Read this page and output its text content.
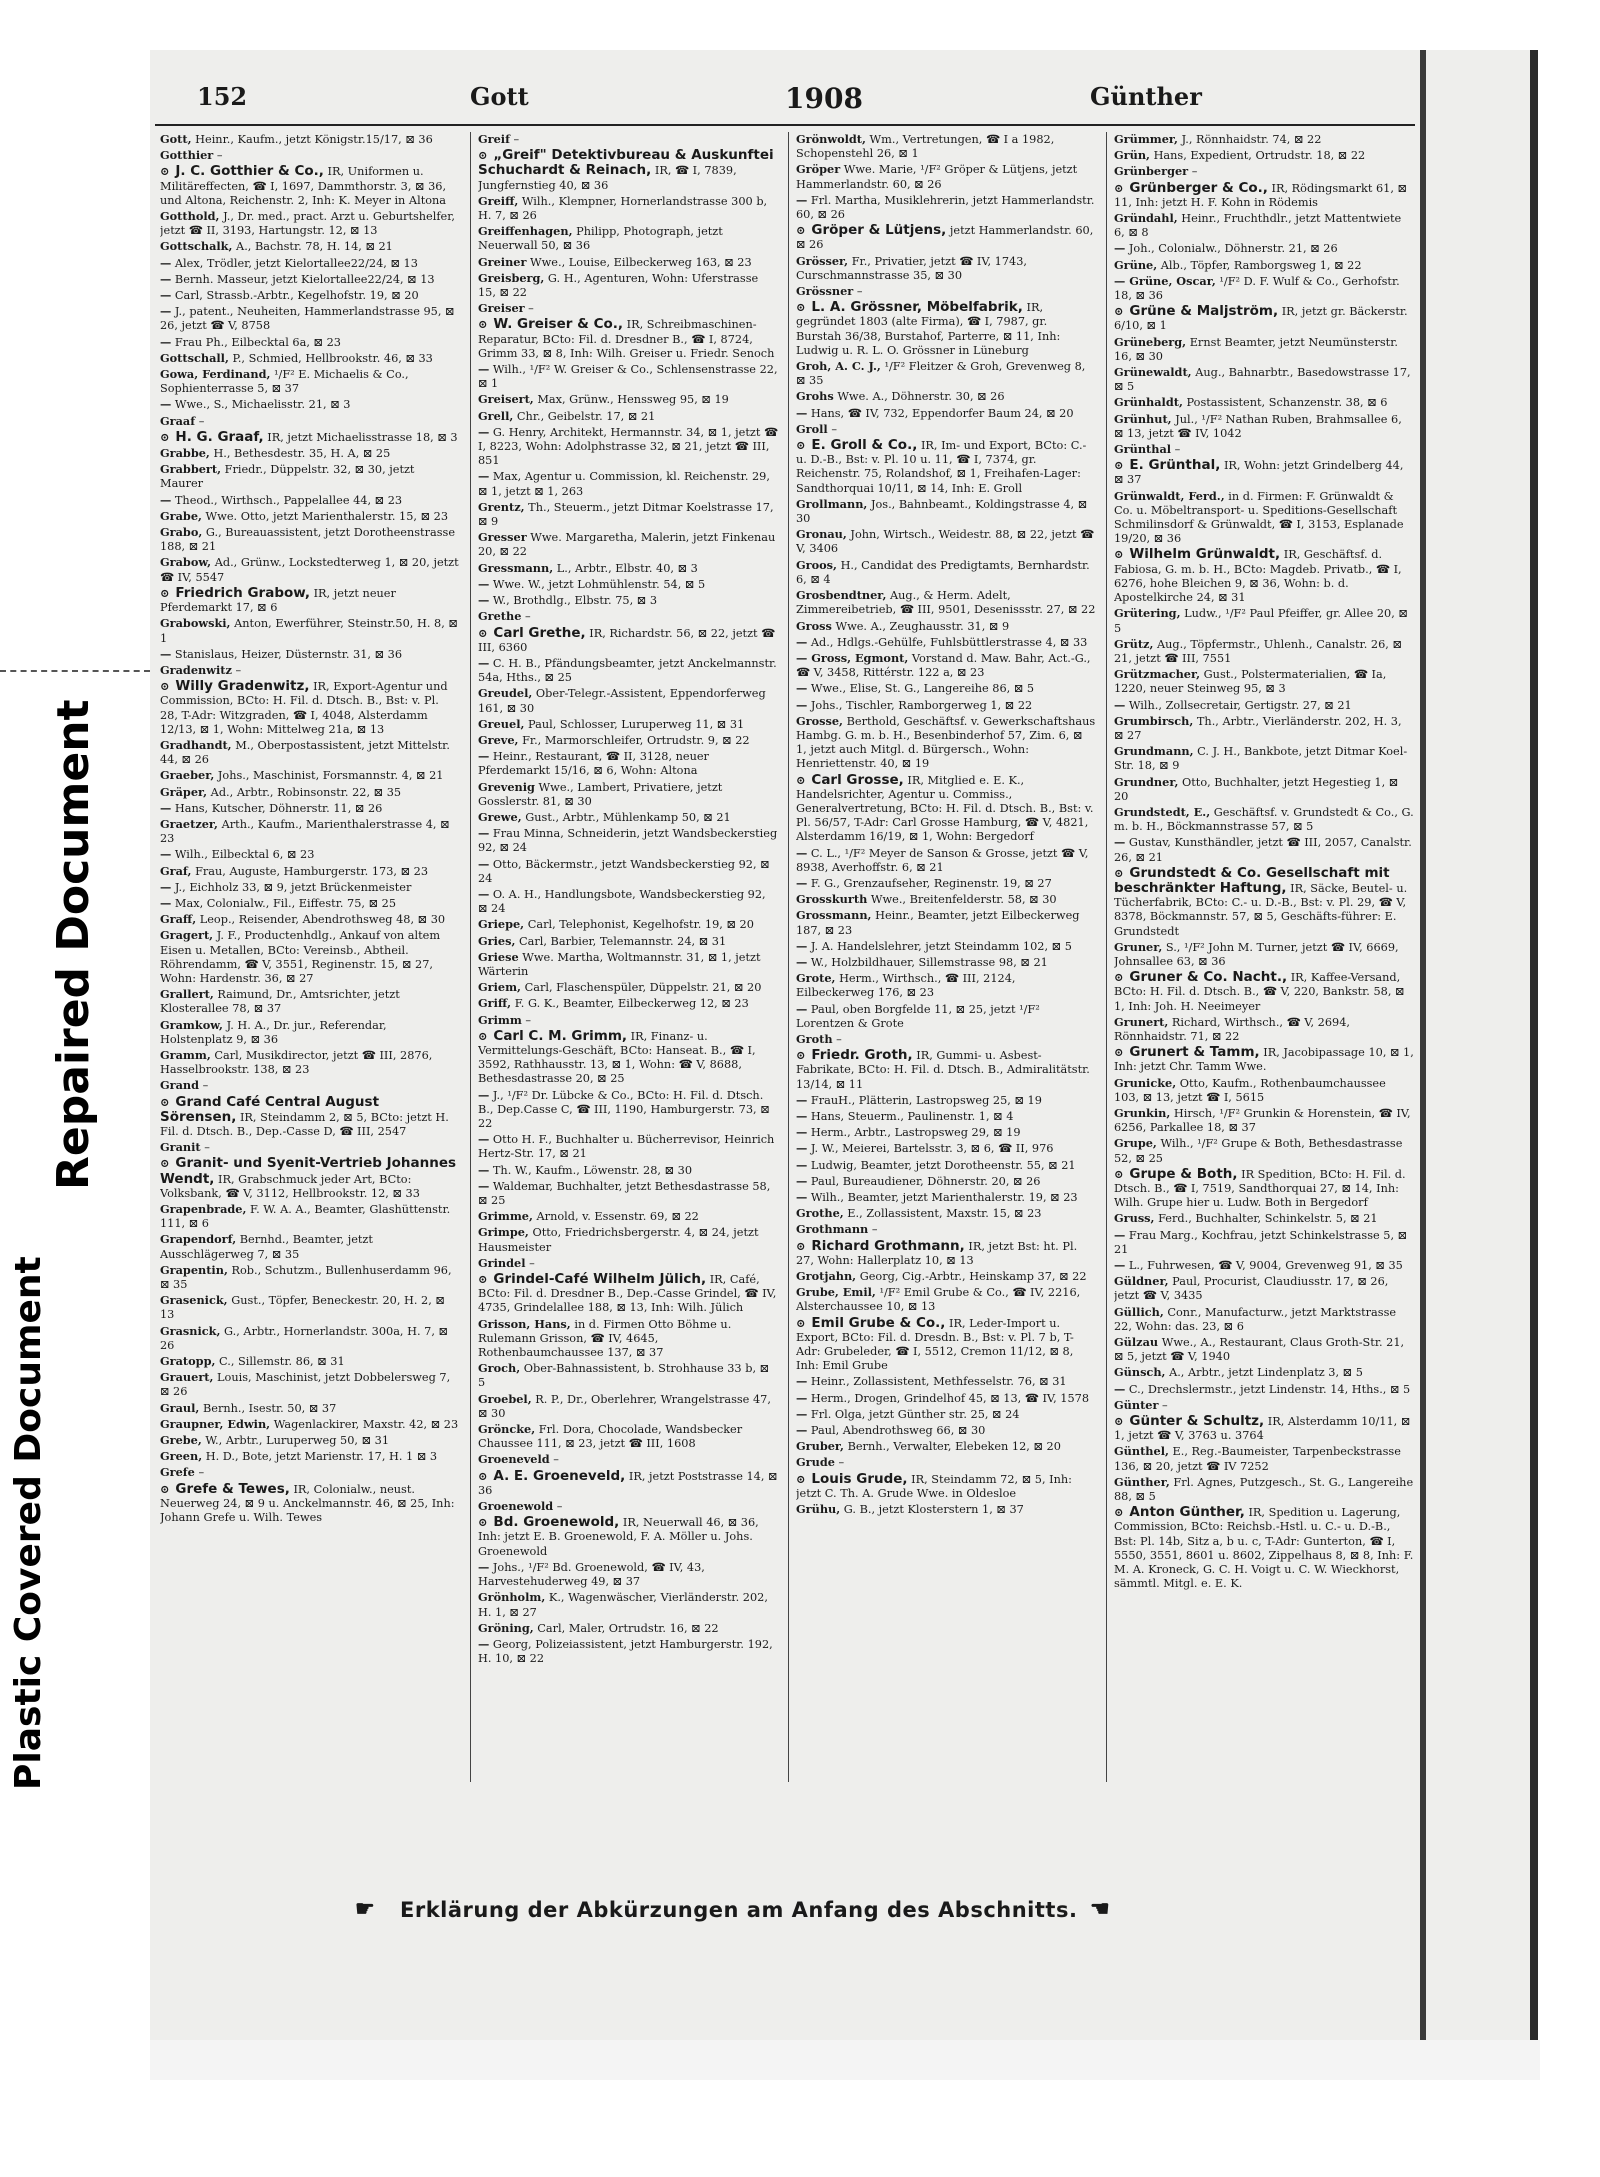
Repaired Document
Plastic Covered Document
152	Gott	1908	Günther
Gott, Heinr., Kaufm., jetzt Königstr.15/17, ⊠ 36
Gotthier –
⊙ J. C. Gotthier & Co., IR, Uniformen u. Militäreffecten, ☎ I, 1697, Dammthorstr. 3, ⊠ 36, und Altona, Reichenstr. 2, Inh: K. Meyer in Altona
Gotthold, J., Dr. med., pract. Arzt u. Geburtshelfer, jetzt ☎ II, 3193, Hartungstr. 12, ⊠ 13
Gottschalk, A., Bachstr. 78, H. 14, ⊠ 21
— Alex, Trödler, jetzt Kielortallee22/24, ⊠ 13
— Bernh. Masseur, jetzt Kielortallee22/24, ⊠ 13
— Carl, Strassb.-Arbtr., Kegelhofstr. 19, ⊠ 20
— J., patent., Neuheiten, Hammerlandstrasse 95, ⊠ 26, jetzt ☎ V, 8758
— Frau Ph., Eilbecktal 6a, ⊠ 23
Gottschall, P., Schmied, Hellbrookstr. 46, ⊠ 33
Gowa, Ferdinand, ¹/F² E. Michaelis & Co., Sophienterrasse 5, ⊠ 37
— Wwe., S., Michaelisstr. 21, ⊠ 3
Graaf –
⊙ H. G. Graaf, IR, jetzt Michaelisstrasse 18, ⊠ 3
Grabbe, H., Bethesdestr. 35, H. A, ⊠ 25
Grabbert, Friedr., Düppelstr. 32, ⊠ 30, jetzt Maurer
— Theod., Wirthsch., Pappelallee 44, ⊠ 23
Grabe, Wwe. Otto, jetzt Marienthalerstr. 15, ⊠ 23
Grabo, G., Bureauassistent, jetzt Dorotheenstrasse 188, ⊠ 21
Grabow, Ad., Grünw., Lockstedterweg 1, ⊠ 20, jetzt ☎ IV, 5547
⊙ Friedrich Grabow, IR, jetzt neuer Pferdemarkt 17, ⊠ 6
Grabowski, Anton, Ewerführer, Steinstr.50, H. 8, ⊠ 1
— Stanislaus, Heizer, Düsternstr. 31, ⊠ 36
Gradenwitz –
⊙ Willy Gradenwitz, IR, Export-Agentur und Commission, BCto: H. Fil. d. Dtsch. B., Bst: v. Pl. 28, T-Adr: Witzgraden, ☎ I, 4048, Alsterdamm 12/13, ⊠ 1, Wohn: Mittelweg 21a, ⊠ 13
Gradhandt, M., Oberpostassistent, jetzt Mittelstr. 44, ⊠ 26
Graeber, Johs., Maschinist, Forsmannstr. 4, ⊠ 21
Gräper, Ad., Arbtr., Robinsonstr. 22, ⊠ 35
— Hans, Kutscher, Döhnerstr. 11, ⊠ 26
Graetzer, Arth., Kaufm., Marienthalerstrasse 4, ⊠ 23
— Wilh., Eilbecktal 6, ⊠ 23
Graf, Frau, Auguste, Hamburgerstr. 173, ⊠ 23
— J., Eichholz 33, ⊠ 9, jetzt Brückenmeister
— Max, Colonialw., Fil., Eiffestr. 75, ⊠ 25
Graff, Leop., Reisender, Abendrothsweg 48, ⊠ 30
Gragert, J. F., Productenhdlg., Ankauf von altem Eisen u. Metallen, BCto: Vereinsb., Abtheil. Röhrendamm, ☎ V, 3551, Reginenstr. 15, ⊠ 27, Wohn: Hardenstr. 36, ⊠ 27
Grallert, Raimund, Dr., Amtsrichter, jetzt Klosterallee 78, ⊠ 37
Gramkow, J. H. A., Dr. jur., Referendar, Holstenplatz 9, ⊠ 36
Gramm, Carl, Musikdirector, jetzt ☎ III, 2876, Hasselbrookstr. 138, ⊠ 23
Grand –
⊙ Grand Café Central August Sörensen, IR, Steindamm 2, ⊠ 5, BCto: jetzt H. Fil. d. Dtsch. B., Dep.-Casse D, ☎ III, 2547
Granit –
⊙ Granit- und Syenit-Vertrieb Johannes Wendt, IR, Grabschmuck jeder Art, BCto: Volksbank, ☎ V, 3112, Hellbrookstr. 12, ⊠ 33
Grapenbrade, F. W. A. A., Beamter, Glashüttenstr. 111, ⊠ 6
Grapendorf, Bernhd., Beamter, jetzt Ausschlägerweg 7, ⊠ 35
Grapentin, Rob., Schutzm., Bullenhuserdamm 96, ⊠ 35
Grasenick, Gust., Töpfer, Beneckestr. 20, H. 2, ⊠ 13
Grasnick, G., Arbtr., Hornerlandstr. 300a, H. 7, ⊠ 26
Gratopp, C., Sillemstr. 86, ⊠ 31
Grauert, Louis, Maschinist, jetzt Dobbelersweg 7, ⊠ 26
Graul, Bernh., Isestr. 50, ⊠ 37
Graupner, Edwin, Wagenlackirer, Maxstr. 42, ⊠ 23
Grebe, W., Arbtr., Luruperweg 50, ⊠ 31
Green, H. D., Bote, jetzt Marienstr. 17, H. 1 ⊠ 3
Grefe –
⊙ Grefe & Tewes, IR, Colonialw., neust. Neuerweg 24, ⊠ 9 u. Anckelmannstr. 46, ⊠ 25, Inh: Johann Grefe u. Wilh. Tewes
Greif –
⊙ „Greif" Detektivbureau & Auskunftei Schuchardt & Reinach, IR, ☎ I, 7839, Jungfernstieg 40, ⊠ 36
Greiff, Wilh., Klempner, Hornerlandstrasse 300 b, H. 7, ⊠ 26
Greiffenhagen, Philipp, Photograph, jetzt Neuerwall 50, ⊠ 36
Greiner Wwe., Louise, Eilbeckerweg 163, ⊠ 23
Greisberg, G. H., Agenturen, Wohn: Uferstrasse 15, ⊠ 22
Greiser –
⊙ W. Greiser & Co., IR, Schreibmaschinen-Reparatur, BCto: Fil. d. Dresdner B., ☎ I, 8724, Grimm 33, ⊠ 8, Inh: Wilh. Greiser u. Friedr. Senoch
— Wilh., ¹/F² W. Greiser & Co., Schlensenstrasse 22, ⊠ 1
Greisert, Max, Grünw., Henssweg 95, ⊠ 19
Grell, Chr., Geibelstr. 17, ⊠ 21
— G. Henry, Architekt, Hermannstr. 34, ⊠ 1, jetzt ☎ I, 8223, Wohn: Adolphstrasse 32, ⊠ 21, jetzt ☎ III, 851
— Max, Agentur u. Commission, kl. Reichenstr. 29, ⊠ 1, jetzt ⊠ 1, 263
Grentz, Th., Steuerm., jetzt Ditmar Koelstrasse 17, ⊠ 9
Gresser Wwe. Margaretha, Malerin, jetzt Finkenau 20, ⊠ 22
Gressmann, L., Arbtr., Elbstr. 40, ⊠ 3
— Wwe. W., jetzt Lohmühlenstr. 54, ⊠ 5
— W., Brothdlg., Elbstr. 75, ⊠ 3
Grethe –
⊙ Carl Grethe, IR, Richardstr. 56, ⊠ 22, jetzt ☎ III, 6360
— C. H. B., Pfändungsbeamter, jetzt Anckelmannstr. 54a, Hths., ⊠ 25
Greudel, Ober-Telegr.-Assistent, Eppendorferweg 161, ⊠ 30
Greuel, Paul, Schlosser, Luruperweg 11, ⊠ 31
Greve, Fr., Marmorschleifer, Ortrudstr. 9, ⊠ 22
— Heinr., Restaurant, ☎ II, 3128, neuer Pferdemarkt 15/16, ⊠ 6, Wohn: Altona
Grevenig Wwe., Lambert, Privatiere, jetzt Gosslerstr. 81, ⊠ 30
Grewe, Gust., Arbtr., Mühlenkamp 50, ⊠ 21
— Frau Minna, Schneiderin, jetzt Wandsbeckerstieg 92, ⊠ 24
— Otto, Bäckermstr., jetzt Wandsbeckerstieg 92, ⊠ 24
— O. A. H., Handlungsbote, Wandsbeckerstieg 92, ⊠ 24
Griepe, Carl, Telephonist, Kegelhofstr. 19, ⊠ 20
Gries, Carl, Barbier, Telemannstr. 24, ⊠ 31
Griese Wwe. Martha, Woltmannstr. 31, ⊠ 1, jetzt Wärterin
Griem, Carl, Flaschenspüler, Düppelstr. 21, ⊠ 20
Griff, F. G. K., Beamter, Eilbeckerweg 12, ⊠ 23
Grimm –
⊙ Carl C. M. Grimm, IR, Finanz- u. Vermittelungs-Geschäft, BCto: Hanseat. B., ☎ I, 3592, Rathhausstr. 13, ⊠ 1, Wohn: ☎ V, 8688, Bethesdastrasse 20, ⊠ 25
— J., ¹/F² Dr. Lübcke & Co., BCto: H. Fil. d. Dtsch. B., Dep.Casse C, ☎ III, 1190, Hamburgerstr. 73, ⊠ 22
— Otto H. F., Buchhalter u. Bücherrevisor, Heinrich Hertz-Str. 17, ⊠ 21
— Th. W., Kaufm., Löwenstr. 28, ⊠ 30
— Waldemar, Buchhalter, jetzt Bethesdastrasse 58, ⊠ 25
Grimme, Arnold, v. Essenstr. 69, ⊠ 22
Grimpe, Otto, Friedrichsbergerstr. 4, ⊠ 24, jetzt Hausmeister
Grindel –
⊙ Grindel-Café Wilhelm Jülich, IR, Café, BCto: Fil. d. Dresdner B., Dep.-Casse Grindel, ☎ IV, 4735, Grindelallee 188, ⊠ 13, Inh: Wilh. Jülich
Grisson, Hans, in d. Firmen Otto Böhme u. Rulemann Grisson, ☎ IV, 4645, Rothenbaumchaussee 137, ⊠ 37
Groch, Ober-Bahnassistent, b. Strohhause 33 b, ⊠ 5
Groebel, R. P., Dr., Oberlehrer, Wrangelstrasse 47, ⊠ 30
Gröncke, Frl. Dora, Chocolade, Wandsbecker Chaussee 111, ⊠ 23, jetzt ☎ III, 1608
Groeneveld –
⊙ A. E. Groeneveld, IR, jetzt Poststrasse 14, ⊠ 36
Groenewold –
⊙ Bd. Groenewold, IR, Neuerwall 46, ⊠ 36, Inh: jetzt E. B. Groenewold, F. A. Möller u. Johs. Groenewold
— Johs., ¹/F² Bd. Groenewold, ☎ IV, 43, Harvestehuderweg 49, ⊠ 37
Grönholm, K., Wagenwäscher, Vierländerstr. 202, H. 1, ⊠ 27
Gröning, Carl, Maler, Ortrudstr. 16, ⊠ 22
— Georg, Polizeiassistent, jetzt Hamburgerstr. 192, H. 10, ⊠ 22
Grönwoldt, Wm., Vertretungen, ☎ I a 1982, Schopenstehl 26, ⊠ 1
Gröper Wwe. Marie, ¹/F² Gröper & Lütjens, jetzt Hammerlandstr. 60, ⊠ 26
— Frl. Martha, Musiklehrerin, jetzt Hammerlandstr. 60, ⊠ 26
⊙ Gröper & Lütjens, jetzt Hammerlandstr. 60, ⊠ 26
Grösser, Fr., Privatier, jetzt ☎ IV, 1743, Curschmannstrasse 35, ⊠ 30
Grössner –
⊙ L. A. Grössner, Möbelfabrik, IR, gegründet 1803 (alte Firma), ☎ I, 7987, gr. Burstah 36/38, Burstahof, Parterre, ⊠ 11, Inh: Ludwig u. R. L. O. Grössner in Lüneburg
Groh, A. C. J., ¹/F² Fleitzer & Groh, Grevenweg 8, ⊠ 35
Grohs Wwe. A., Döhnerstr. 30, ⊠ 26
— Hans, ☎ IV, 732, Eppendorfer Baum 24, ⊠ 20
Groll –
⊙ E. Groll & Co., IR, Im- und Export, BCto: C.- u. D.-B., Bst: v. Pl. 10 u. 11, ☎ I, 7374, gr. Reichenstr. 75, Rolandshof, ⊠ 1, Freihafen-Lager: Sandthorquai 10/11, ⊠ 14, Inh: E. Groll
Grollmann, Jos., Bahnbeamt., Koldingstrasse 4, ⊠ 30
Gronau, John, Wirtsch., Weidestr. 88, ⊠ 22, jetzt ☎ V, 3406
Groos, H., Candidat des Predigtamts, Bernhardstr. 6, ⊠ 4
Grosbendtner, Aug., & Herm. Adelt, Zimmereibetrieb, ☎ III, 9501, Desenissstr. 27, ⊠ 22
Gross Wwe. A., Zeughausstr. 31, ⊠ 9
— Ad., Hdlgs.-Gehülfe, Fuhlsbüttlerstrasse 4, ⊠ 33
— Gross, Egmont, Vorstand d. Maw. Bahr, Act.-G., ☎ V, 3458, Rittérstr. 122 a, ⊠ 23
— Wwe., Elise, St. G., Langereihe 86, ⊠ 5
— Johs., Tischler, Ramborgerweg 1, ⊠ 22
Grosse, Berthold, Geschäftsf. v. Gewerkschaftshaus Hambg. G. m. b. H., Besenbinderhof 57, Zim. 6, ⊠ 1, jetzt auch Mitgl. d. Bürgersch., Wohn: Henriettenstr. 40, ⊠ 19
⊙ Carl Grosse, IR, Mitglied e. E. K., Handelsrichter, Agentur u. Commiss., Generalvertretung, BCto: H. Fil. d. Dtsch. B., Bst: v. Pl. 56/57, T-Adr: Carl Grosse Hamburg, ☎ V, 4821, Alsterdamm 16/19, ⊠ 1, Wohn: Bergedorf
— C. L., ¹/F² Meyer de Sanson & Grosse, jetzt ☎ V, 8938, Averhoffstr. 6, ⊠ 21
— F. G., Grenzaufseher, Reginenstr. 19, ⊠ 27
Grosskurth Wwe., Breitenfelderstr. 58, ⊠ 30
Grossmann, Heinr., Beamter, jetzt Eilbeckerweg 187, ⊠ 23
— J. A. Handelslehrer, jetzt Steindamm 102, ⊠ 5
— W., Holzbildhauer, Sillemstrasse 98, ⊠ 21
Grote, Herm., Wirthsch., ☎ III, 2124, Eilbeckerweg 176, ⊠ 23
— Paul, oben Borgfelde 11, ⊠ 25, jetzt ¹/F² Lorentzen & Grote
Groth –
⊙ Friedr. Groth, IR, Gummi- u. Asbest-Fabrikate, BCto: H. Fil. d. Dtsch. B., Admiralitätstr. 13/14, ⊠ 11
— FrauH., Plätterin, Lastropsweg 25, ⊠ 19
— Hans, Steuerm., Paulinenstr. 1, ⊠ 4
— Herm., Arbtr., Lastropsweg 29, ⊠ 19
— J. W., Meierei, Bartelsstr. 3, ⊠ 6, ☎ II, 976
— Ludwig, Beamter, jetzt Dorotheenstr. 55, ⊠ 21
— Paul, Bureaudiener, Döhnerstr. 20, ⊠ 26
— Wilh., Beamter, jetzt Marienthalerstr. 19, ⊠ 23
Grothe, E., Zollassistent, Maxstr. 15, ⊠ 23
Grothmann –
⊙ Richard Grothmann, IR, jetzt Bst: ht. Pl. 27, Wohn: Hallerplatz 10, ⊠ 13
Grotjahn, Georg, Cig.-Arbtr., Heinskamp 37, ⊠ 22
Grube, Emil, ¹/F² Emil Grube & Co., ☎ IV, 2216, Alsterchaussee 10, ⊠ 13
⊙ Emil Grube & Co., IR, Leder-Import u. Export, BCto: Fil. d. Dresdn. B., Bst: v. Pl. 7 b, T-Adr: Grubeleder, ☎ I, 5512, Cremon 11/12, ⊠ 8, Inh: Emil Grube
— Heinr., Zollassistent, Methfesselstr. 76, ⊠ 31
— Herm., Drogen, Grindelhof 45, ⊠ 13, ☎ IV, 1578
— Frl. Olga, jetzt Günther str. 25, ⊠ 24
— Paul, Abendrothsweg 66, ⊠ 30
Gruber, Bernh., Verwalter, Elebeken 12, ⊠ 20
Grude –
⊙ Louis Grude, IR, Steindamm 72, ⊠ 5, Inh: jetzt C. Th. A. Grude Wwe. in Oldesloe
Grühu, G. B., jetzt Klosterstern 1, ⊠ 37
Grümmer, J., Rönnhaidstr. 74, ⊠ 22
Grün, Hans, Expedient, Ortrudstr. 18, ⊠ 22
Grünberger –
⊙ Grünberger & Co., IR, Rödingsmarkt 61, ⊠ 11, Inh: jetzt H. F. Kohn in Rödemis
Gründahl, Heinr., Fruchthdlr., jetzt Mattentwiete 6, ⊠ 8
— Joh., Colonialw., Döhnerstr. 21, ⊠ 26
Grüne, Alb., Töpfer, Ramborgsweg 1, ⊠ 22
— Grüne, Oscar, ¹/F² D. F. Wulf & Co., Gerhofstr. 18, ⊠ 36
⊙ Grüne & Maljström, IR, jetzt gr. Bäckerstr. 6/10, ⊠ 1
Grüneberg, Ernst Beamter, jetzt Neumünsterstr. 16, ⊠ 30
Grünewaldt, Aug., Bahnarbtr., Basedowstrasse 17, ⊠ 5
Grünhaldt, Postassistent, Schanzenstr. 38, ⊠ 6
Grünhut, Jul., ¹/F² Nathan Ruben, Brahmsallee 6, ⊠ 13, jetzt ☎ IV, 1042
Grünthal –
⊙ E. Grünthal, IR, Wohn: jetzt Grindelberg 44, ⊠ 37
Grünwaldt, Ferd., in d. Firmen: F. Grünwaldt & Co. u. Möbeltransport- u. Speditions-Gesellschaft Schmilinsdorf & Grünwaldt, ☎ I, 3153, Esplanade 19/20, ⊠ 36
⊙ Wilhelm Grünwaldt, IR, Geschäftsf. d. Fabiosa, G. m. b. H., BCto: Magdeb. Privatb., ☎ I, 6276, hohe Bleichen 9, ⊠ 36, Wohn: b. d. Apostelkirche 24, ⊠ 31
Grütering, Ludw., ¹/F² Paul Pfeiffer, gr. Allee 20, ⊠ 5
Grütz, Aug., Töpfermstr., Uhlenh., Canalstr. 26, ⊠ 21, jetzt ☎ III, 7551
Grützmacher, Gust., Polstermaterialien, ☎ Ia, 1220, neuer Steinweg 95, ⊠ 3
— Wilh., Zollsecretair, Gertigstr. 27, ⊠ 21
Grumbirsch, Th., Arbtr., Vierländerstr. 202, H. 3, ⊠ 27
Grundmann, C. J. H., Bankbote, jetzt Ditmar Koel-Str. 18, ⊠ 9
Grundner, Otto, Buchhalter, jetzt Hegestieg 1, ⊠ 20
Grundstedt, E., Geschäftsf. v. Grundstedt & Co., G. m. b. H., Böckmannstrasse 57, ⊠ 5
— Gustav, Kunsthändler, jetzt ☎ III, 2057, Canalstr. 26, ⊠ 21
⊙ Grundstedt & Co. Gesellschaft mit beschränkter Haftung, IR, Säcke, Beutel- u. Tücherfabrik, BCto: C.- u. D.-B., Bst: v. Pl. 29, ☎ V, 8378, Böckmannstr. 57, ⊠ 5, Geschäfts-führer: E. Grundstedt
Gruner, S., ¹/F² John M. Turner, jetzt ☎ IV, 6669, Johnsallee 63, ⊠ 36
⊙ Gruner & Co. Nacht., IR, Kaffee-Versand, BCto: H. Fil. d. Dtsch. B., ☎ V, 220, Bankstr. 58, ⊠ 1, Inh: Joh. H. Neeimeyer
Grunert, Richard, Wirthsch., ☎ V, 2694, Rönnhaidstr. 71, ⊠ 22
⊙ Grunert & Tamm, IR, Jacobipassage 10, ⊠ 1, Inh: jetzt Chr. Tamm Wwe.
Grunicke, Otto, Kaufm., Rothenbaumchaussee 103, ⊠ 13, jetzt ☎ I, 5615
Grunkin, Hirsch, ¹/F² Grunkin & Horenstein, ☎ IV, 6256, Parkallee 18, ⊠ 37
Grupe, Wilh., ¹/F² Grupe & Both, Bethesdastrasse 52, ⊠ 25
⊙ Grupe & Both, IR Spedition, BCto: H. Fil. d. Dtsch. B., ☎ I, 7519, Sandthorquai 27, ⊠ 14, Inh: Wilh. Grupe hier u. Ludw. Both in Bergedorf
Gruss, Ferd., Buchhalter, Schinkelstr. 5, ⊠ 21
— Frau Marg., Kochfrau, jetzt Schinkelstrasse 5, ⊠ 21
— L., Fuhrwesen, ☎ V, 9004, Grevenweg 91, ⊠ 35
Güldner, Paul, Procurist, Claudiusstr. 17, ⊠ 26, jetzt ☎ V, 3435
Güllich, Conr., Manufacturw., jetzt Marktstrasse 22, Wohn: das. 23, ⊠ 6
Gülzau Wwe., A., Restaurant, Claus Groth-Str. 21, ⊠ 5, jetzt ☎ V, 1940
Günsch, A., Arbtr., jetzt Lindenplatz 3, ⊠ 5
— C., Drechslermstr., jetzt Lindenstr. 14, Hths., ⊠ 5
Günter –
⊙ Günter & Schultz, IR, Alsterdamm 10/11, ⊠ 1, jetzt ☎ V, 3763 u. 3764
Günthel, E., Reg.-Baumeister, Tarpenbeckstrasse 136, ⊠ 20, jetzt ☎ IV 7252
Günther, Frl. Agnes, Putzgesch., St. G., Langereihe 88, ⊠ 5
⊙ Anton Günther, IR, Spedition u. Lagerung, Commission, BCto: Reichsb.-Hstl. u. C.- u. D.-B., Bst: Pl. 14b, Sitz a, b u. c, T-Adr: Gunterton, ☎ I, 5550, 3551, 8601 u. 8602, Zippelhaus 8, ⊠ 8, Inh: F. M. A. Kroneck, G. C. H. Voigt u. C. W. Wieckhorst, sämmtl. Mitgl. e. E. K.
☛ Erklärung der Abkürzungen am Anfang des Abschnitts. ☚
